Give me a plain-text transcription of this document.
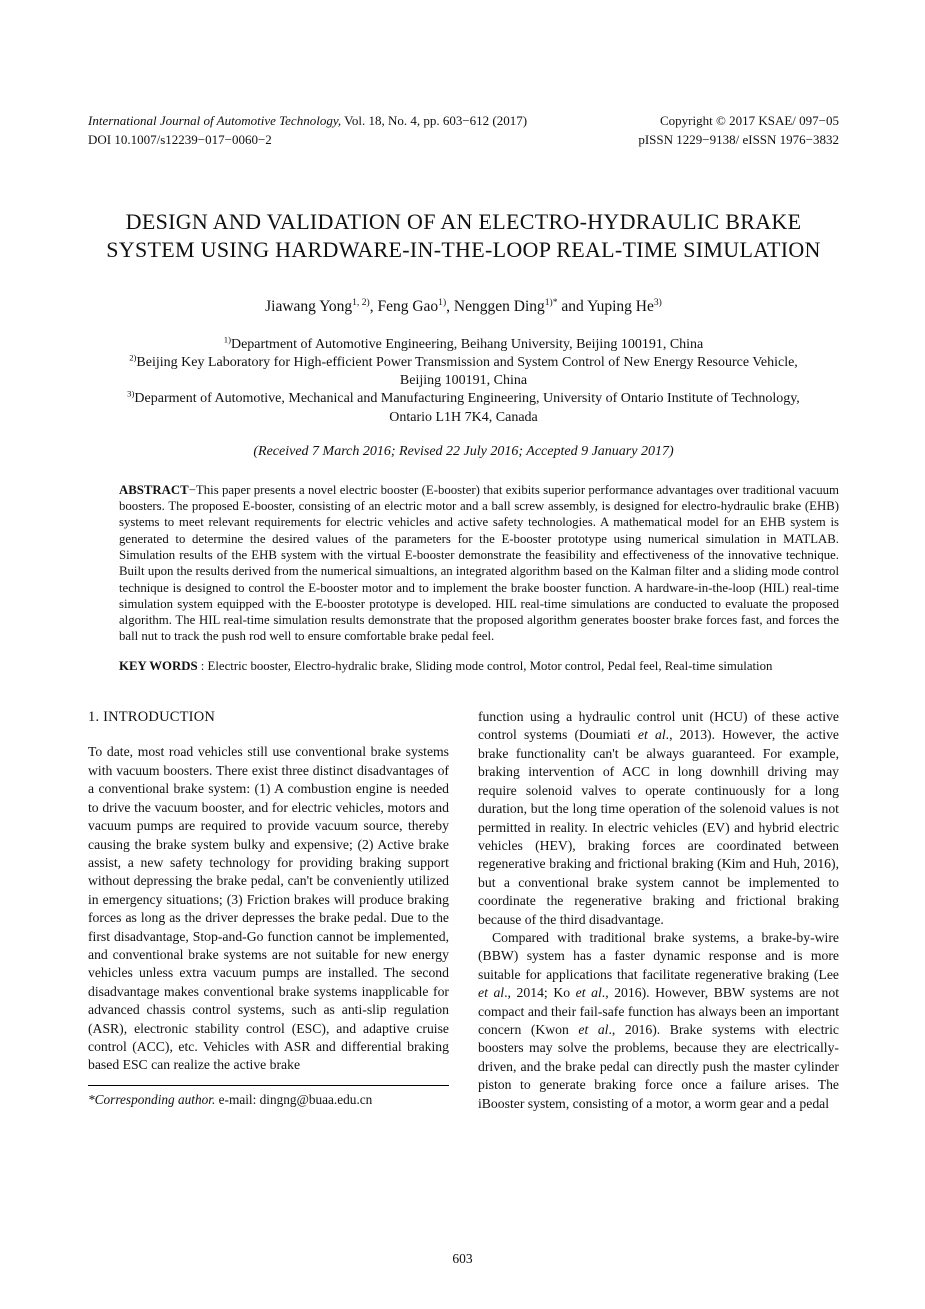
International Journal of Automotive Technology, Vol. 18, No. 4, pp. 603−612 (2017)
DOI 10.1007/s12239−017−0060−2
Copyright © 2017 KSAE/ 097−05
pISSN 1229−9138/ eISSN 1976−3832
DESIGN AND VALIDATION OF AN ELECTRO-HYDRAULIC BRAKE SYSTEM USING HARDWARE-IN-THE-LOOP REAL-TIME SIMULATION
Jiawang Yong$^{1, 2)}$, Feng Gao$^{1)}$, Nenggen Ding$^{1)*}$ and Yuping He$^{3)}$
$^{1)}$Department of Automotive Engineering, Beihang University, Beijing 100191, China
$^{2)}$Beijing Key Laboratory for High-efficient Power Transmission and System Control of New Energy Resource Vehicle, Beijing 100191, China
$^{3)}$Deparment of Automotive, Mechanical and Manufacturing Engineering, University of Ontario Institute of Technology, Ontario L1H 7K4, Canada
(Received 7 March 2016; Revised 22 July 2016; Accepted 9 January 2017)
ABSTRACT−This paper presents a novel electric booster (E-booster) that exibits superior performance advantages over traditional vacuum boosters. The proposed E-booster, consisting of an electric motor and a ball screw assembly, is designed for electro-hydraulic brake (EHB) systems to meet relevant requirements for electric vehicles and active safety technologies. A mathematical model for an EHB system is generated to determine the desired values of the parameters for the E-booster prototype using numerical simulation in MATLAB. Simulation results of the EHB system with the virtual E-booster demonstrate the feasibility and effectiveness of the innovative technique. Built upon the results derived from the numerical simualtions, an integrated algorithm based on the Kalman filter and a sliding mode control technique is designed to control the E-booster motor and to implement the brake booster function. A hardware-in-the-loop (HIL) real-time simulation system equipped with the E-booster prototype is developed. HIL real-time simulations are conducted to evaluate the proposed algorithm. The HIL real-time simulation results demonstrate that the proposed algorithm generates booster brake forces fast, and forces the ball nut to track the push rod well to ensure comfortable brake pedal feel.
KEY WORDS : Electric booster, Electro-hydralic brake, Sliding mode control, Motor control, Pedal feel, Real-time simulation
1. INTRODUCTION

To date, most road vehicles still use conventional brake systems with vacuum boosters. There exist three distinct disadvantages of a conventional brake system: (1) A combustion engine is needed to drive the vacuum booster, and for electric vehicles, motors and vacuum pumps are required to provide vacuum source, thereby causing the brake system bulky and expensive; (2) Active brake assist, a new safety technology for providing braking support without depressing the brake pedal, can't be conveniently utilized in emergency situations; (3) Friction brakes will produce braking forces as long as the driver depresses the brake pedal. Due to the first disadvantage, Stop-and-Go function cannot be implemented, and conventional brake systems are not suitable for new energy vehicles unless extra vacuum pumps are installed. The second disadvantage makes conventional brake systems inapplicable for advanced chassis control systems, such as anti-slip regulation (ASR), electronic stability control (ESC), and adaptive cruise control (ACC), etc. Vehicles with ASR and differential braking based ESC can realize the active brake

*Corresponding author. e-mail: dingng@buaa.edu.cn

function using a hydraulic control unit (HCU) of these active control systems (Doumiati et al., 2013). However, the active brake functionality can't be always guaranteed. For example, braking intervention of ACC in long downhill driving may require solenoid valves to operate continuously for a long duration, but the long time operation of the solenoid values is not permitted in reality. In electric vehicles (EV) and hybrid electric vehicles (HEV), braking forces are coordinated between regenerative braking and frictional braking (Kim and Huh, 2016), but a conventional brake system cannot be implemented to coordinate the regenerative braking and frictional braking because of the third disadvantage.

Compared with traditional brake systems, a brake-by-wire (BBW) system has a faster dynamic response and is more suitable for applications that facilitate regenerative braking (Lee et al., 2014; Ko et al., 2016). However, BBW systems are not compact and their fail-safe function has always been an important concern (Kwon et al., 2016). Brake systems with electric boosters may solve the problems, because they are electrically-driven, and the brake pedal can directly push the master cylinder piston to generate braking force once a failure arises. The iBooster system, consisting of a motor, a worm gear and a pedal

603
